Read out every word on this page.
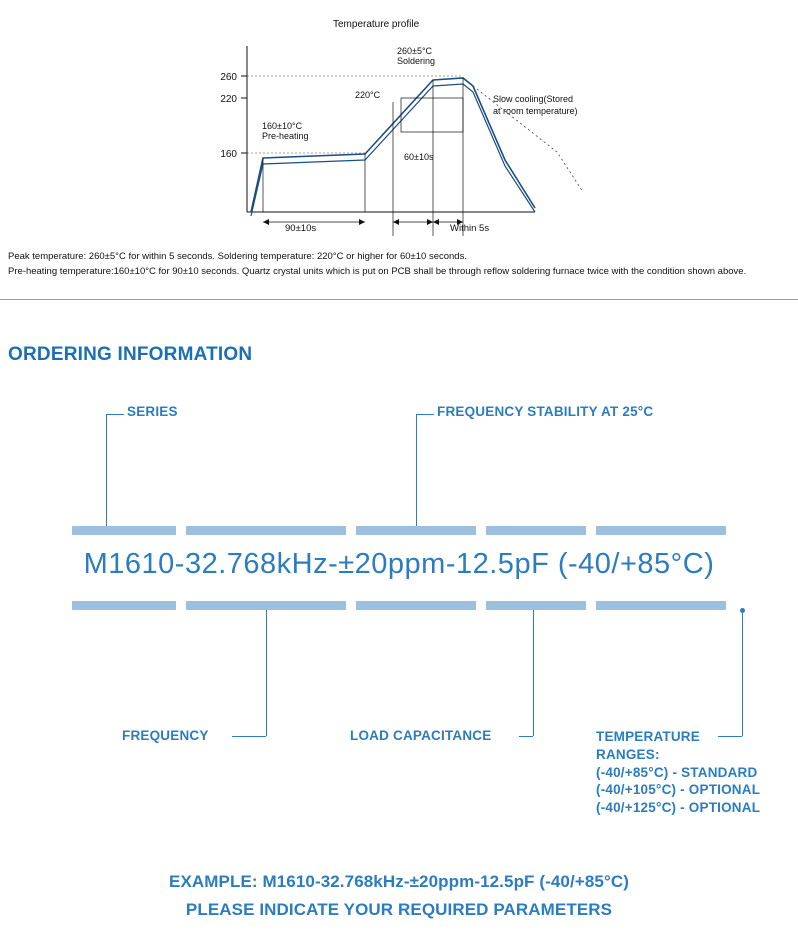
Temperature profile
260
220
160
260±5°C
Soldering
220°C
160±10°C
Pre-heating
60±10s
90±10s	Within 5s
Slow cooling(Stored
at room temperature)
Peak temperature: 260±5°C for within 5 seconds. Soldering temperature: 220°C or higher for 60±10 seconds.
Pre-heating temperature:160±10°C for 90±10 seconds. Quartz crystal units which is put on PCB shall be through reflow soldering furnace twice with the condition shown above.
ORDERING INFORMATION
M1610-32.768kHz-±20ppm-12.5pF (-40/+85°C)
SERIES	FREQUENCY STABILITY AT 25°C
FREQUENCY	LOAD CAPACITANCE	TEMPERATURE
RANGES:
(-40/+85°C) - STANDARD
(-40/+105°C) - OPTIONAL
(-40/+125°C) - OPTIONAL
EXAMPLE: M1610-32.768kHz-±20ppm-12.5pF (-40/+85°C)
PLEASE INDICATE YOUR REQUIRED PARAMETERS
